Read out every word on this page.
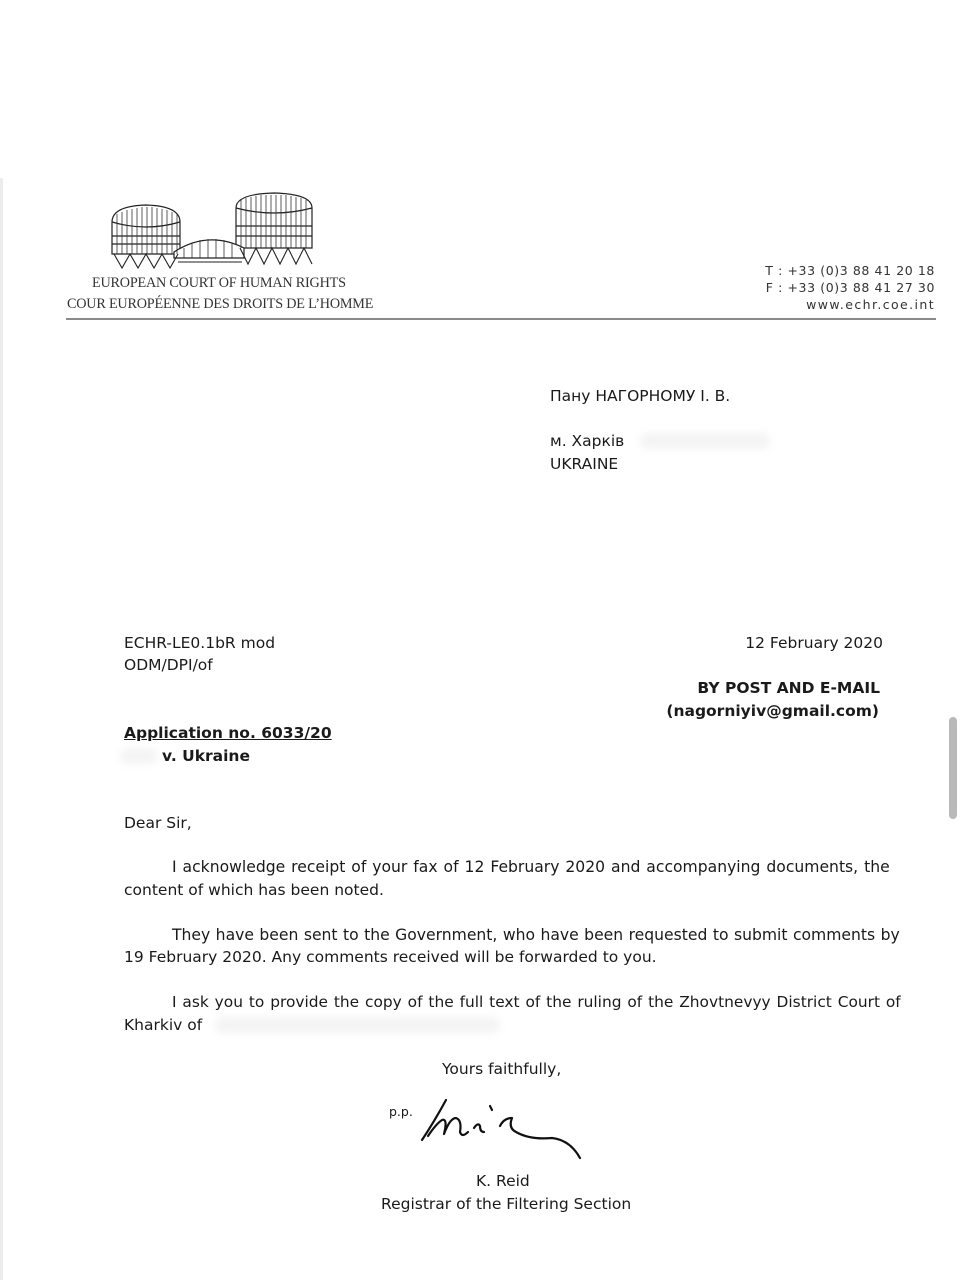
EUROPEAN COURT OF HUMAN RIGHTS
COUR EUROPÉENNE DES DROITS DE L’HOMME
T : +33 (0)3 88 41 20 18
F : +33 (0)3 88 41 27 30
www.echr.coe.int
Пану НАГОРНОМУ І. В.
м. Харків
UKRAINE
ECHR-LE0.1bR mod
ODM/DPI/of
12 February 2020
BY POST AND E-MAIL
(nagorniyiv@gmail.com)
Application no. 6033/20
v. Ukraine
Dear Sir,
I acknowledge receipt of your fax of 12 February 2020 and accompanying documents, the
content of which has been noted.
They have been sent to the Government, who have been requested to submit comments by
19 February 2020. Any comments received will be forwarded to you.
I ask you to provide the copy of the full text of the ruling of the Zhovtnevyy District Court of
Kharkiv of
Yours faithfully,
p.p.
K. Reid
Registrar of the Filtering Section
